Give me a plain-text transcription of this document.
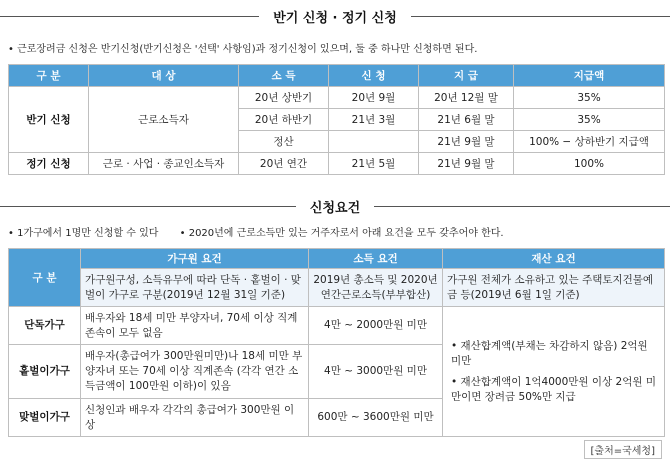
반기 신청 · 정기 신청
• 근로장려금 신청은 반기신청(반기신청은 '선택' 사항임)과 정기신청이 있으며, 둘 중 하나만 신청하면 된다.
구 분	대 상	소 득	신 청	지 급	지급액
반기 신청	근로소득자	20년 상반기	20년 9월	20년 12월 말	35%
		20년 하반기	21년 3월	21년 6월 말	35%
		정산		21년 9월 말	100% − 상하반기 지급액
정기 신청	근로 · 사업 · 종교인소득자	20년 연간	21년 5월	21년 9월 말	100%
신청요건
• 1가구에서 1명만 신청할 수 있다 • 2020년에 근로소득만 있는 거주자로서 아래 요건을 모두 갖추어야 한다.
구 분	가구원 요건	소득 요건	재산 요건
	가구원구성, 소득유무에 따라 단독 · 홑벌이 · 맞벌이 가구로 구분(2019년 12월 31일 기준)	2019년 총소득 및 2020년 연간근로소득(부부합산)	가구원 전체가 소유하고 있는 주택토지건물예금 등(2019년 6월 1일 기준)
단독가구	배우자와 18세 미만 부양자녀, 70세 이상 직계존속이 모두 없음	4만 ~ 2000만원 미만	• 재산합계액(부채는 차감하지 않음) 2억원 미만
• 재산합계액이 1억4000만원 이상 2억원 미만이면 장려금 50%만 지급

홑벌이가구	배우자(총급여가 300만원미만)나 18세 미만 부양자녀 또는 70세 이상 직계존속 (각각 연간 소득금액이 100만원 이하)이 있음	4만 ~ 3000만원 미만	
맞벌이가구	신청인과 배우자 각각의 총급여가 300만원 이상	600만 ~ 3600만원 미만	
[출처=국세청]
